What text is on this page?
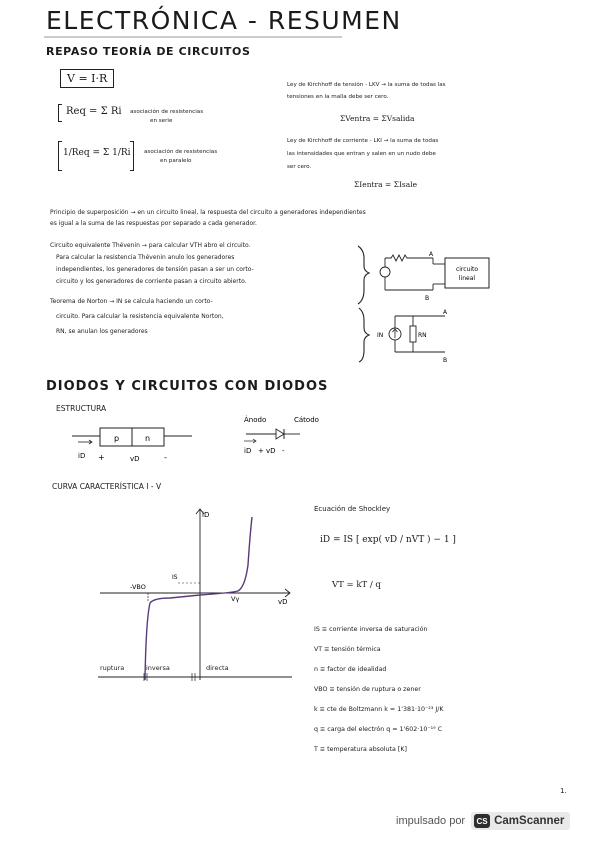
ELECTRÓNICA - RESUMEN
REPASO TEORÍA DE CIRCUITOS
V = I·R
Req = Σ Ri asociación de resistencias
en serie
1/Req = Σ 1/Ri asociación de resistencias
en paralelo
Ley de Kirchhoff de tensión - LKV → la suma de todas las
tensiones en la malla debe ser cero.
ΣVentra = ΣVsalida
Ley de Kirchhoff de corriente - LKI → la suma de todas
las intensidades que entran y salen en un nudo debe
ser cero.
ΣIentra = ΣIsale
Principio de superposición → en un circuito lineal, la respuesta del circuito a generadores independientes
es igual a la suma de las respuestas por separado a cada generador.
Circuito equivalente Thévenin → para calcular VTH abro el circuito.
Para calcular la resistencia Thévenin anulo los generadores
independientes, los generadores de tensión pasan a ser un corto-
circuito y los generadores de corriente pasan a circuito abierto.
Teorema de Norton → IN se calcula haciendo un corto-
circuito. Para calcular la resistencia equivalente Norton,
RN, se anulan los generadores
circuito
lineal
A
B
IN	RN
A
B
DIODOS Y CIRCUITOS CON DIODOS
ESTRUCTURA
p	n
iD +	vD	-
Ánodo	Cátodo
iD + vD -
CURVA CARACTERÍSTICA I - V
iD
vD
-VBO
IS
Vγ
ruptura	inversa	directa
Ecuación de Shockley
iD = IS [ exp( vD / nVT ) − 1 ]
VT = kT / q
IS ≡ corriente inversa de saturación
VT ≡ tensión térmica
n ≡ factor de idealidad
VBO ≡ tensión de ruptura o zener
k ≡ cte de Boltzmann k = 1'381·10⁻²³ J/K
q ≡ carga del electrón q = 1'602·10⁻¹⁹ C
T ≡ temperatura absoluta [K]
1.
impulsado por	CS CamScanner
